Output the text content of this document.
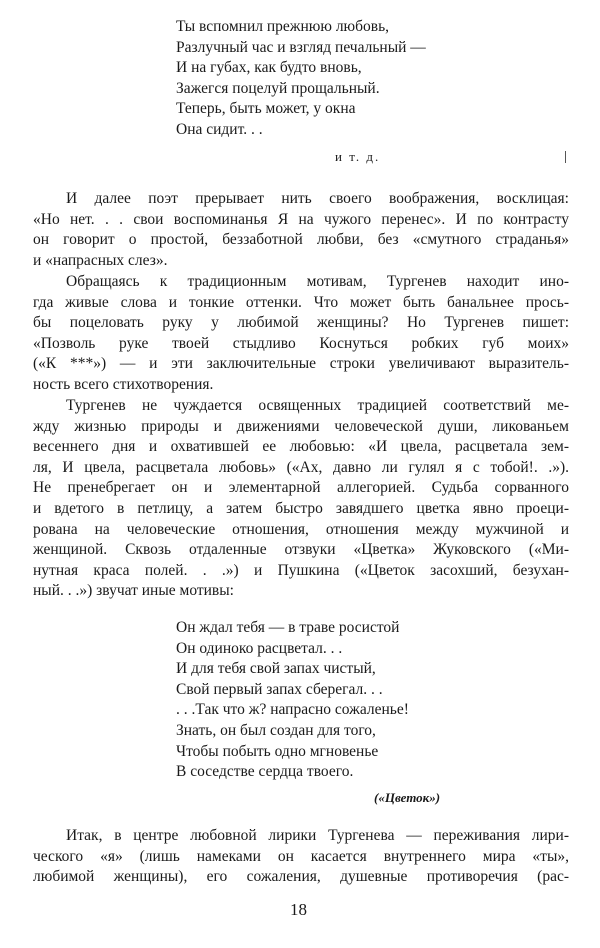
Ты вспомнил прежнюю любовь,
Разлучный час и взгляд печальный —
И на губах, как будто вновь,
Зажегся поцелуй прощальный.
Теперь, быть может, у окна
Она сидит. . .
и т. д.
И далее поэт прерывает нить своего воображения, восклицая:
«Но нет. . . свои воспоминанья Я на чужого перенес». И по контрасту
он говорит о простой, беззаботной любви, без «смутного страданья»
и «напрасных слез».
Обращаясь к традиционным мотивам, Тургенев находит ино-
гда живые слова и тонкие оттенки. Что может быть банальнее прось-
бы поцеловать руку у любимой женщины? Но Тургенев пишет:
«Позволь руке твоей стыдливо Коснуться робких губ моих»
(«К ***») — и эти заключительные строки увеличивают выразитель-
ность всего стихотворения.
Тургенев не чуждается освященных традицией соответствий ме-
жду жизнью природы и движениями человеческой души, ликованьем
весеннего дня и охватившей ее любовью: «И цвела, расцветала зем-
ля, И цвела, расцветала любовь» («Ах, давно ли гулял я с тобой!. .»).
Не пренебрегает он и элементарной аллегорией. Судьба сорванного
и вдетого в петлицу, а затем быстро завядшего цветка явно проеци-
рована на человеческие отношения, отношения между мужчиной и
женщиной. Сквозь отдаленные отзвуки «Цветка» Жуковского («Ми-
нутная краса полей. . .») и Пушкина («Цветок засохший, безухан-
ный. . .») звучат иные мотивы:
Он ждал тебя — в траве росистой
Он одиноко расцветал. . .
И для тебя свой запах чистый,
Свой первый запах сберегал. . .
. . .Так что ж? напрасно сожаленье!
Знать, он был создан для того,
Чтобы побыть одно мгновенье
В соседстве сердца твоего.
(«Цветок»)
Итак, в центре любовной лирики Тургенева — переживания лири-
ческого «я» (лишь намеками он касается внутреннего мира «ты»,
любимой женщины), его сожаления, душевные противоречия (рас-
18
